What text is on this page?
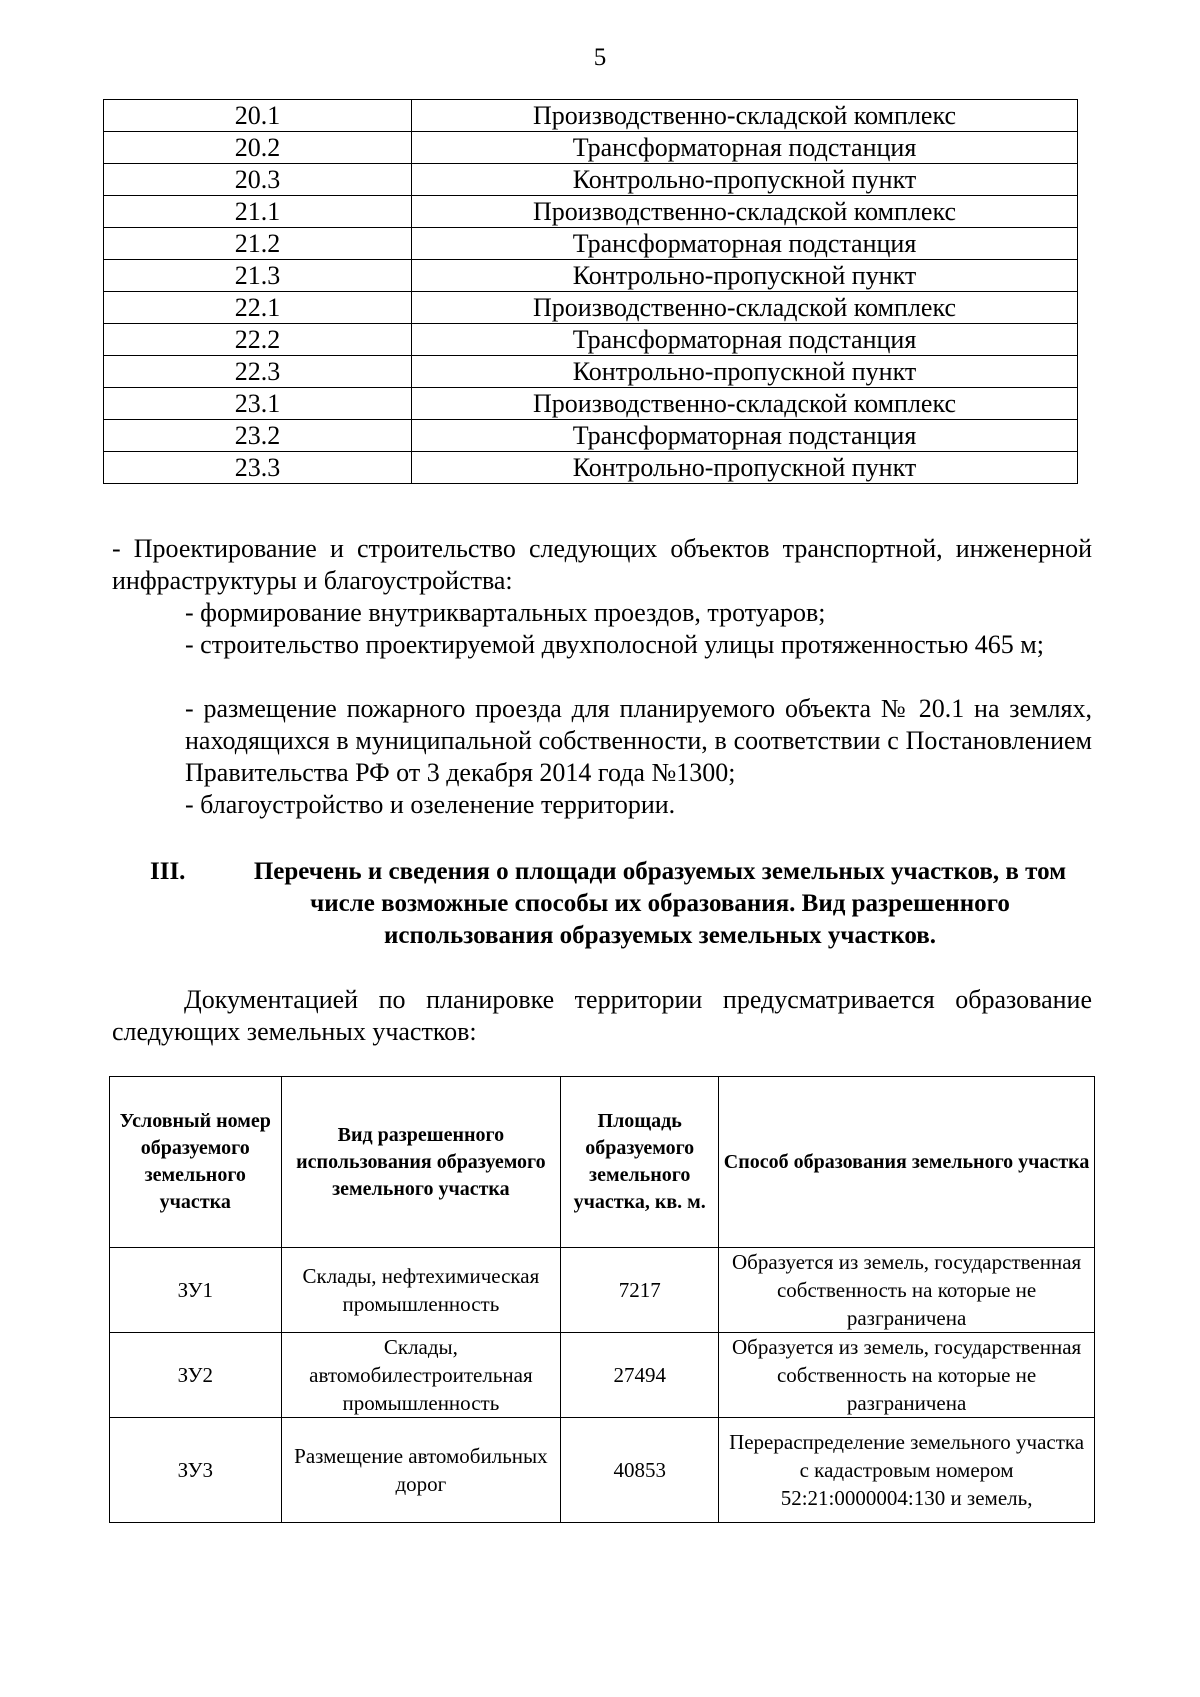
5
20.1	Производственно-складской комплекс
20.2	Трансформаторная подстанция
20.3	Контрольно-пропускной пункт
21.1	Производственно-складской комплекс
21.2	Трансформаторная подстанция
21.3	Контрольно-пропускной пункт
22.1	Производственно-складской комплекс
22.2	Трансформаторная подстанция
22.3	Контрольно-пропускной пункт
23.1	Производственно-складской комплекс
23.2	Трансформаторная подстанция
23.3	Контрольно-пропускной пункт
- Проектирование и строительство следующих объектов транспортной, инженерной инфраструктуры и благоустройства:
- формирование внутриквартальных проездов, тротуаров;
- строительство проектируемой двухполосной улицы протяженностью 465 м;
- размещение пожарного проезда для планируемого объекта № 20.1 на землях, находящихся в муниципальной собственности, в соответствии с Постановлением Правительства РФ от 3 декабря 2014 года №1300;
- благоустройство и озеленение территории.
III.	Перечень и сведения о площади образуемых земельных участков, в том числе возможные способы их образования. Вид разрешенного использования образуемых земельных участков.
Документацией по планировке территории предусматривается образование следующих земельных участков:
Условный номер образуемого земельного участка	Вид разрешенного использования образуемого земельного участка	Площадь образуемого земельного участка, кв. м.	Способ образования земельного участка
ЗУ1	Склады, нефтехимическая промышленность	7217	Образуется из земель, государственная собственность на которые не разграничена
ЗУ2	Склады, автомобилестроительная промышленность	27494	Образуется из земель, государственная собственность на которые не разграничена
ЗУ3	Размещение автомобильных дорог	40853	Перераспределение земельного участка с кадастровым номером 52:21:0000004:130 и земель,
